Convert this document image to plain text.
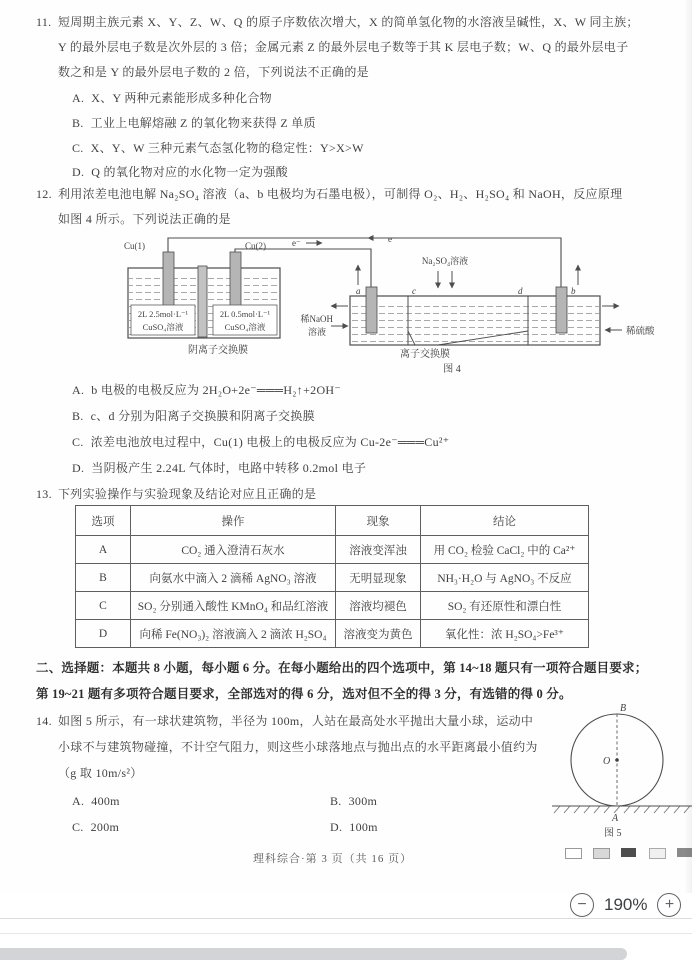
11. 短周期主族元素 X、Y、Z、W、Q 的原子序数依次增大，X 的简单氢化物的水溶液呈碱性，X、W 同主族；
Y 的最外层电子数是次外层的 3 倍；金属元素 Z 的最外层电子数等于其 K 层电子数；W、Q 的最外层电子
数之和是 Y 的最外层电子数的 2 倍，下列说法不正确的是
A. X、Y 两种元素能形成多种化合物
B. 工业上电解熔融 Z 的氧化物来获得 Z 单质
C. X、Y、W 三种元素气态氢化物的稳定性：Y>X>W
D. Q 的氧化物对应的水化物一定为强酸
12. 利用浓差电池电解 Na₂SO₄ 溶液（a、b 电极均为石墨电极），可制得 O₂、H₂、H₂SO₄ 和 NaOH，反应原理
如图 4 所示。下列说法正确的是
e⁻
e⁻
Cu(1)	Cu(2)
2L 2.5mol·L⁻¹
CuSO₄溶液
2L 0.5mol·L⁻¹
CuSO₄溶液
阴离子交换膜
a	c	d	b
Na₂SO₄溶液
稀NaOH
溶液	稀硫酸
离子交换膜
图 4
A. b 电极的电极反应为 2H₂O+2e⁻═══H₂↑+2OH⁻
B. c、d 分别为阳离子交换膜和阴离子交换膜
C. 浓差电池放电过程中，Cu(1) 电极上的电极反应为 Cu-2e⁻═══Cu²⁺
D. 当阴极产生 2.24L 气体时，电路中转移 0.2mol 电子
13. 下列实验操作与实验现象及结论对应且正确的是
选项	操作	现象	结论
A	CO₂ 通入澄清石灰水	溶液变浑浊	用 CO₂ 检验 CaCl₂ 中的 Ca²⁺
B	向氨水中滴入 2 滴稀 AgNO₃ 溶液	无明显现象	NH₃·H₂O 与 AgNO₃ 不反应
C	SO₂ 分别通入酸性 KMnO₄ 和品红溶液	溶液均褪色	SO₂ 有还原性和漂白性
D	向稀 Fe(NO₃)₂ 溶液滴入 2 滴浓 H₂SO₄	溶液变为黄色	氧化性：浓 H₂SO₄>Fe³⁺
二、选择题：本题共 8 小题，每小题 6 分。在每小题给出的四个选项中，第 14~18 题只有一项符合题目要求；
第 19~21 题有多项符合题目要求，全部选对的得 6 分，选对但不全的得 3 分，有选错的得 0 分。
14. 如图 5 所示，有一球状建筑物，半径为 100m，人站在最高处水平抛出大量小球，运动中
小球不与建筑物碰撞，不计空气阻力，则这些小球落地点与抛出点的水平距离最小值约为
（g 取 10m/s²）
A. 400m	B. 300m
C. 200m	D. 100m
B
O
A
图 5
理科综合·第 3 页（共 16 页）
− 190% +
